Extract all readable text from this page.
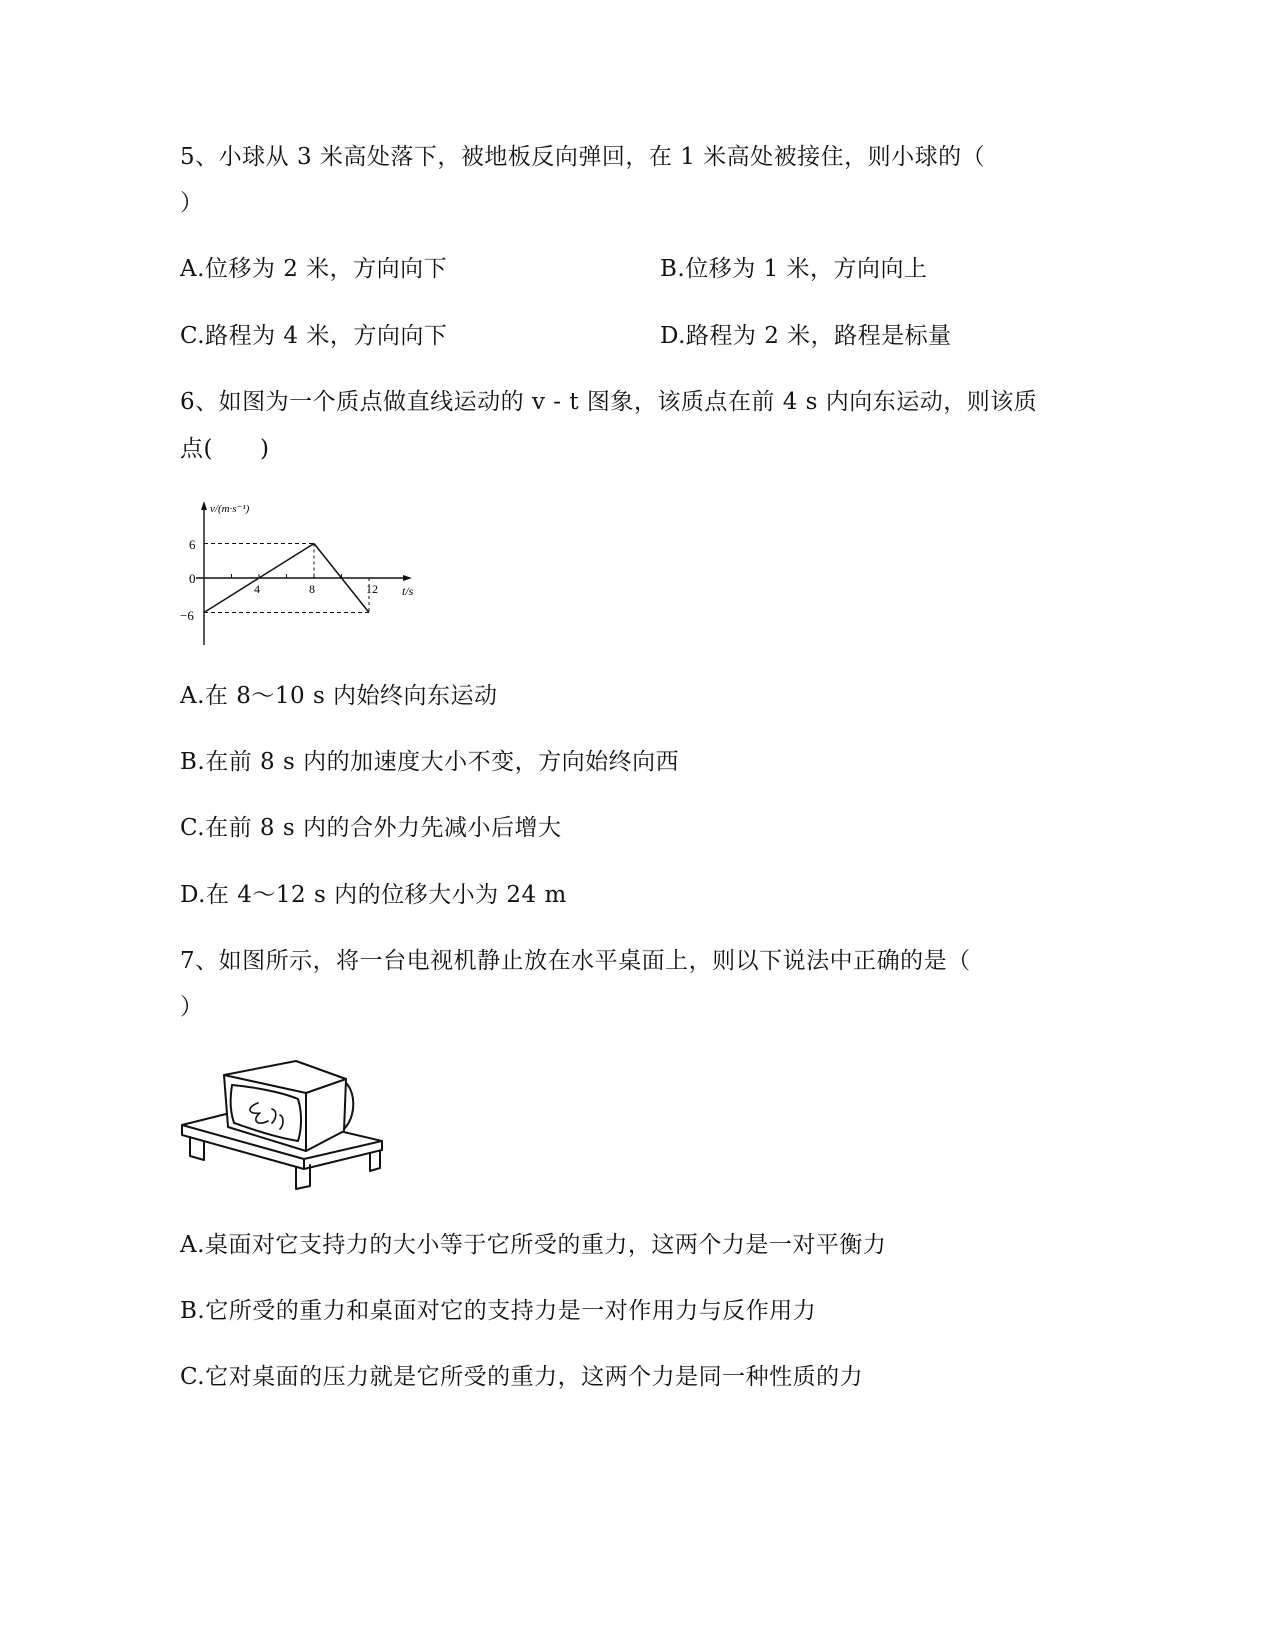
5、小球从 3 米高处落下，被地板反向弹回，在 1 米高处被接住，则小球的（
）
A.位移为 2 米，方向向下	B.位移为 1 米，方向向上
C.路程为 4 米，方向向下	D.路程为 2 米，路程是标量
6、如图为一个质点做直线运动的 v - t 图象，该质点在前 4 s 内向东运动，则该质
点(　　)
v/(m·s⁻¹)
t/s
6
0
−6
4	8	12
A.在 8～10 s 内始终向东运动
B.在前 8 s 内的加速度大小不变，方向始终向西
C.在前 8 s 内的合外力先减小后增大
D.在 4～12 s 内的位移大小为 24 m
7、如图所示，将一台电视机静止放在水平桌面上，则以下说法中正确的是（
）
A.桌面对它支持力的大小等于它所受的重力，这两个力是一对平衡力
B.它所受的重力和桌面对它的支持力是一对作用力与反作用力
C.它对桌面的压力就是它所受的重力，这两个力是同一种性质的力
